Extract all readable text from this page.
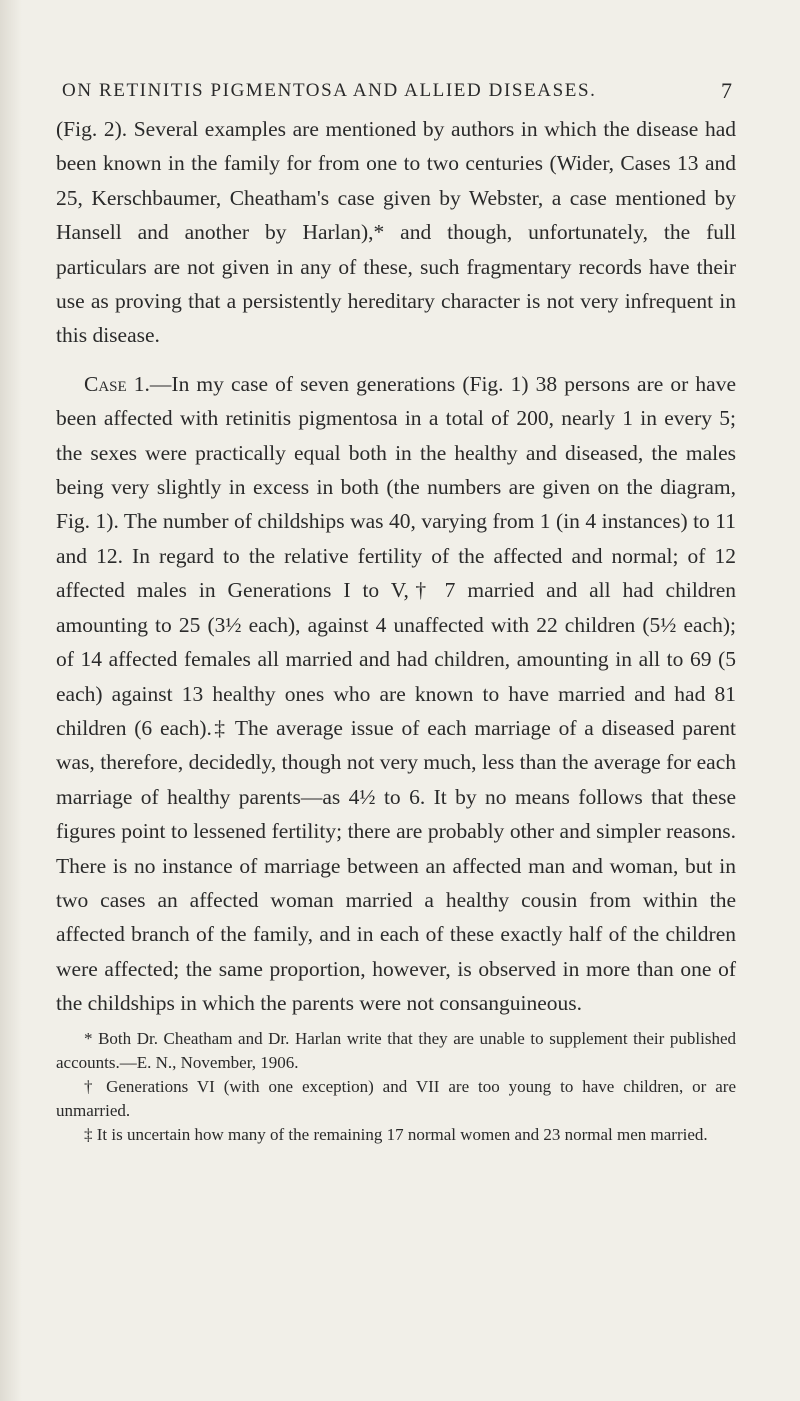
ON RETINITIS PIGMENTOSA AND ALLIED DISEASES.	7

(Fig. 2). Several examples are mentioned by authors in which the disease had been known in the family for from one to two centuries (Wider, Cases 13 and 25, Kerschbaumer, Cheatham's case given by Webster, a case mentioned by Hansell and another by Harlan),* and though, unfortunately, the full particulars are not given in any of these, such fragmentary records have their use as proving that a persistently hereditary character is not very infrequent in this disease.

Case 1.—In my case of seven generations (Fig. 1) 38 persons are or have been affected with retinitis pigmentosa in a total of 200, nearly 1 in every 5; the sexes were practically equal both in the healthy and diseased, the males being very slightly in excess in both (the numbers are given on the diagram, Fig. 1). The number of childships was 40, varying from 1 (in 4 instances) to 11 and 12. In regard to the relative fertility of the affected and normal; of 12 affected males in Generations I to V,† 7 married and all had children amounting to 25 (3½ each), against 4 unaffected with 22 children (5½ each); of 14 affected females all married and had children, amounting in all to 69 (5 each) against 13 healthy ones who are known to have married and had 81 children (6 each).‡ The average issue of each marriage of a diseased parent was, therefore, decidedly, though not very much, less than the average for each marriage of healthy parents—as 4½ to 6. It by no means follows that these figures point to lessened fertility; there are probably other and simpler reasons. There is no instance of marriage between an affected man and woman, but in two cases an affected woman married a healthy cousin from within the affected branch of the family, and in each of these exactly half of the children were affected; the same proportion, however, is observed in more than one of the childships in which the parents were not consanguineous.

* Both Dr. Cheatham and Dr. Harlan write that they are unable to supplement their published accounts.—E. N., November, 1906.

† Generations VI (with one exception) and VII are too young to have children, or are unmarried.

‡ It is uncertain how many of the remaining 17 normal women and 23 normal men married.
